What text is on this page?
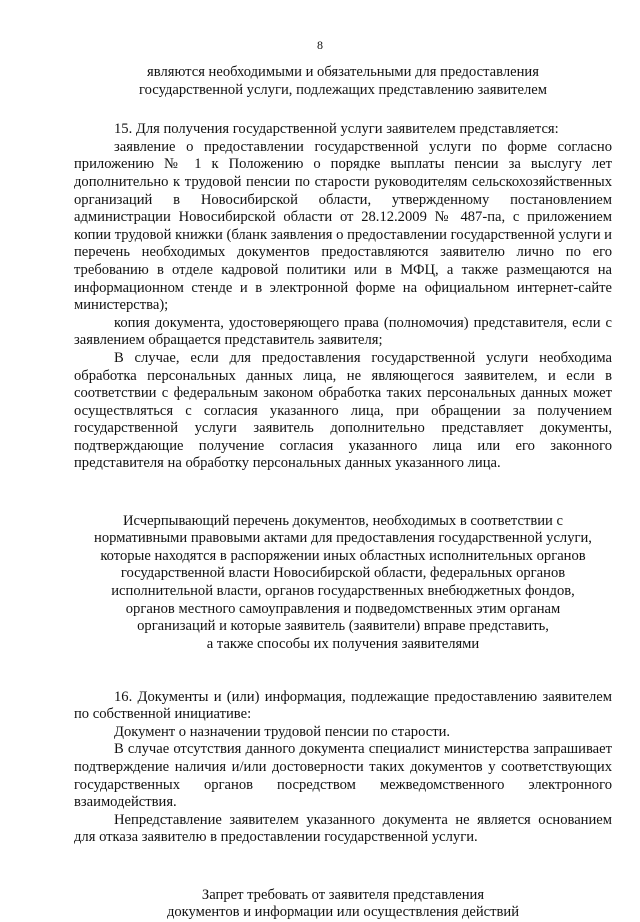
8
являются необходимыми и обязательными для предоставления
государственной услуги, подлежащих представлению заявителем
15. Для получения государственной услуги заявителем представляется:
заявление о предоставлении государственной услуги по форме согласно приложению № 1 к Положению о порядке выплаты пенсии за выслугу лет дополнительно к трудовой пенсии по старости руководителям сельскохозяйственных организаций в Новосибирской области, утвержденному постановлением администрации Новосибирской области от 28.12.2009 № 487-па, с приложением копии трудовой книжки (бланк заявления о предоставлении государственной услуги и перечень необходимых документов предоставляются заявителю лично по его требованию в отделе кадровой политики или в МФЦ, а также размещаются на информационном стенде и в электронной форме на официальном интернет-сайте министерства);
копия документа, удостоверяющего права (полномочия) представителя, если с заявлением обращается представитель заявителя;
В случае, если для предоставления государственной услуги необходима обработка персональных данных лица, не являющегося заявителем, и если в соответствии с федеральным законом обработка таких персональных данных может осуществляться с согласия указанного лица, при обращении за получением государственной услуги заявитель дополнительно представляет документы, подтверждающие получение согласия указанного лица или его законного представителя на обработку персональных данных указанного лица.
Исчерпывающий перечень документов, необходимых в соответствии с
нормативными правовыми актами для предоставления государственной услуги,
которые находятся в распоряжении иных областных исполнительных органов
государственной власти Новосибирской области, федеральных органов
исполнительной власти, органов государственных внебюджетных фондов,
органов местного самоуправления и подведомственных этим органам
организаций и которые заявитель (заявители) вправе представить,
а также способы их получения заявителями
16. Документы и (или) информация, подлежащие предоставлению заявителем по собственной инициативе:
Документ о назначении трудовой пенсии по старости.
В случае отсутствия данного документа специалист министерства запрашивает подтверждение наличия и/или достоверности таких документов у соответствующих государственных органов посредством межведомственного электронного взаимодействия.
Непредставление заявителем указанного документа не является основанием для отказа заявителю в предоставлении государственной услуги.
Запрет требовать от заявителя представления
документов и информации или осуществления действий
